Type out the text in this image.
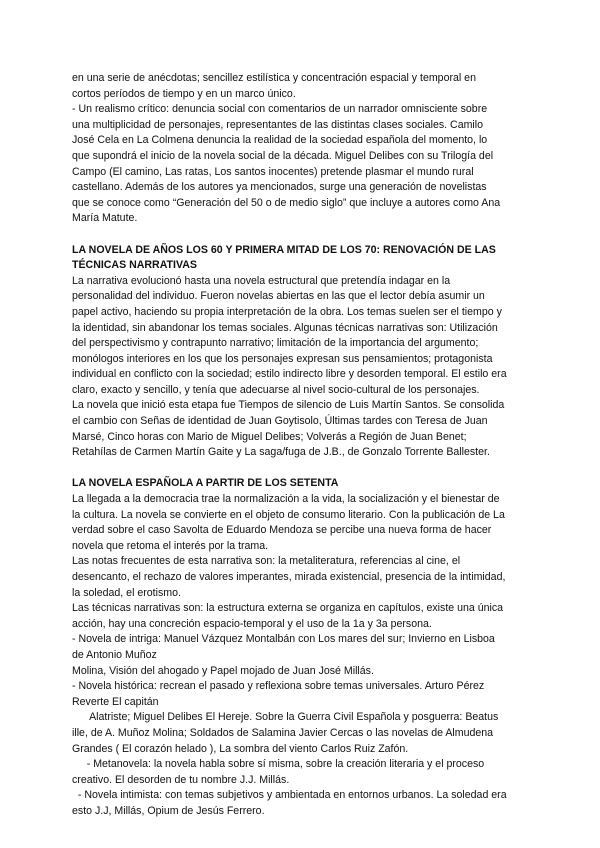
en una serie de anécdotas; sencillez estilística y concentración espacial y temporal en
cortos períodos de tiempo y en un marco único.
- Un realismo crítico: denuncia social con comentarios de un narrador omnisciente sobre
una multiplicidad de personajes, representantes de las distintas clases sociales. Camilo
José Cela en La Colmena denuncia la realidad de la sociedad española del momento, lo
que supondrá el inicio de la novela social de la década. Miguel Delibes con su Trilogía del
Campo (El camino, Las ratas, Los santos inocentes) pretende plasmar el mundo rural
castellano. Además de los autores ya mencionados, surge una generación de novelistas
que se conoce como “Generación del 50 o de medio siglo” que incluye a autores como Ana
María Matute.
LA NOVELA DE AÑOS LOS 60 Y PRIMERA MITAD DE LOS 70: RENOVACIÓN DE LAS
TÉCNICAS NARRATIVAS
La narrativa evolucionó hasta una novela estructural que pretendía indagar en la
personalidad del individuo. Fueron novelas abiertas en las que el lector debía asumir un
papel activo, haciendo su propia interpretación de la obra. Los temas suelen ser el tiempo y
la identidad, sin abandonar los temas sociales. Algunas técnicas narrativas son: Utilización
del perspectivismo y contrapunto narrativo; limitación de la importancia del argumento;
monólogos interiores en los que los personajes expresan sus pensamientos; protagonista
individual en conflicto con la sociedad; estilo indirecto libre y desorden temporal. El estilo era
claro, exacto y sencillo, y tenía que adecuarse al nivel socio-cultural de los personajes.
La novela que inició esta etapa fue Tiempos de silencio de Luis Martín Santos. Se consolida
el cambio con Señas de identidad de Juan Goytisolo, Últimas tardes con Teresa de Juan
Marsé, Cinco horas con Mario de Miguel Delibes; Volverás a Región de Juan Benet;
Retahílas de Carmen Martín Gaite y La saga/fuga de J.B., de Gonzalo Torrente Ballester.
LA NOVELA ESPAÑOLA A PARTIR DE LOS SETENTA
La llegada a la democracia trae la normalización a la vida, la socialización y el bienestar de
la cultura. La novela se convierte en el objeto de consumo literario. Con la publicación de La
verdad sobre el caso Savolta de Eduardo Mendoza se percibe una nueva forma de hacer
novela que retoma el interés por la trama.
Las notas frecuentes de esta narrativa son: la metaliteratura, referencias al cine, el
desencanto, el rechazo de valores imperantes, mirada existencial, presencia de la intimidad,
la soledad, el erotismo.
Las técnicas narrativas son: la estructura externa se organiza en capítulos, existe una única
acción, hay una concreción espacio-temporal y el uso de la 1a y 3a persona.
- Novela de intriga: Manuel Vázquez Montalbán con Los mares del sur; Invierno en Lisboa
de Antonio Muñoz
Molina, Visión del ahogado y Papel mojado de Juan José Millás.
- Novela histórica: recrean el pasado y reflexiona sobre temas universales. Arturo Pérez
Reverte El capitán
Alatriste; Miguel Delibes El Hereje. Sobre la Guerra Civil Española y posguerra: Beatus
ille, de A. Muñoz Molina; Soldados de Salamina Javier Cercas o las novelas de Almudena
Grandes ( El corazón helado ), La sombra del viento Carlos Ruiz Zafón.
- Metanovela: la novela habla sobre sí misma, sobre la creación literaria y el proceso
creativo. El desorden de tu nombre J.J. Millás.
- Novela intimista: con temas subjetivos y ambientada en entornos urbanos. La soledad era
esto J.J, Millás, Opium de Jesús Ferrero.
